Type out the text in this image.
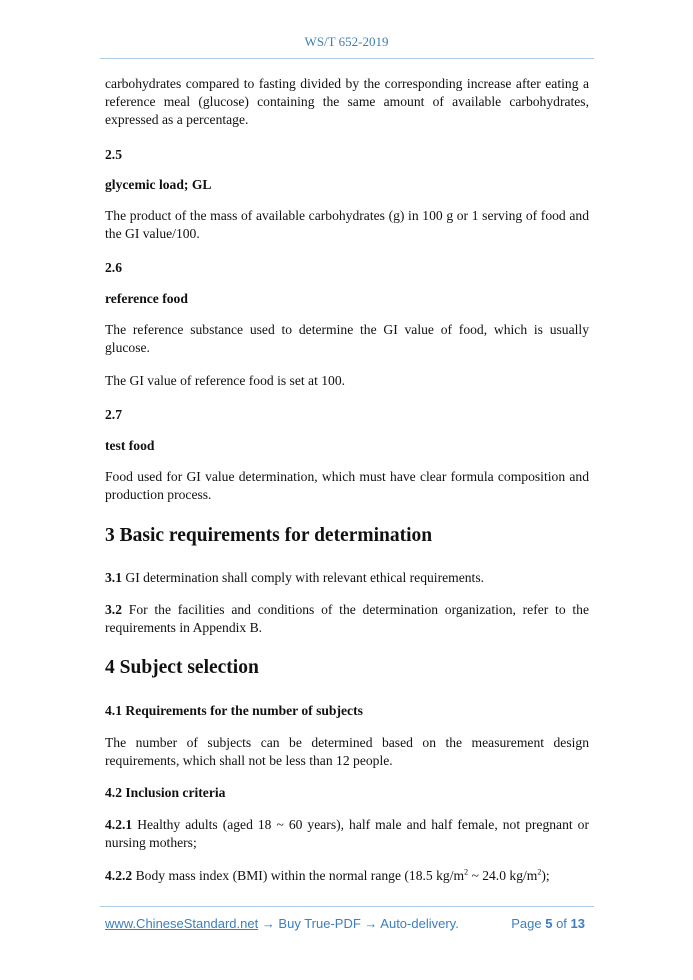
WS/T 652-2019
carbohydrates compared to fasting divided by the corresponding increase after eating a reference meal (glucose) containing the same amount of available carbohydrates, expressed as a percentage.
2.5
glycemic load; GL
The product of the mass of available carbohydrates (g) in 100 g or 1 serving of food and the GI value/100.
2.6
reference food
The reference substance used to determine the GI value of food, which is usually glucose.
The GI value of reference food is set at 100.
2.7
test food
Food used for GI value determination, which must have clear formula composition and production process.
3 Basic requirements for determination
3.1 GI determination shall comply with relevant ethical requirements.
3.2 For the facilities and conditions of the determination organization, refer to the requirements in Appendix B.
4 Subject selection
4.1 Requirements for the number of subjects
The number of subjects can be determined based on the measurement design requirements, which shall not be less than 12 people.
4.2 Inclusion criteria
4.2.1 Healthy adults (aged 18 ~ 60 years), half male and half female, not pregnant or nursing mothers;
4.2.2 Body mass index (BMI) within the normal range (18.5 $kg/m^2$ ~ 24.0 $kg/m^2$);
www.ChineseStandard.net → Buy True-PDF → Auto-delivery.	Page 5 of 13
